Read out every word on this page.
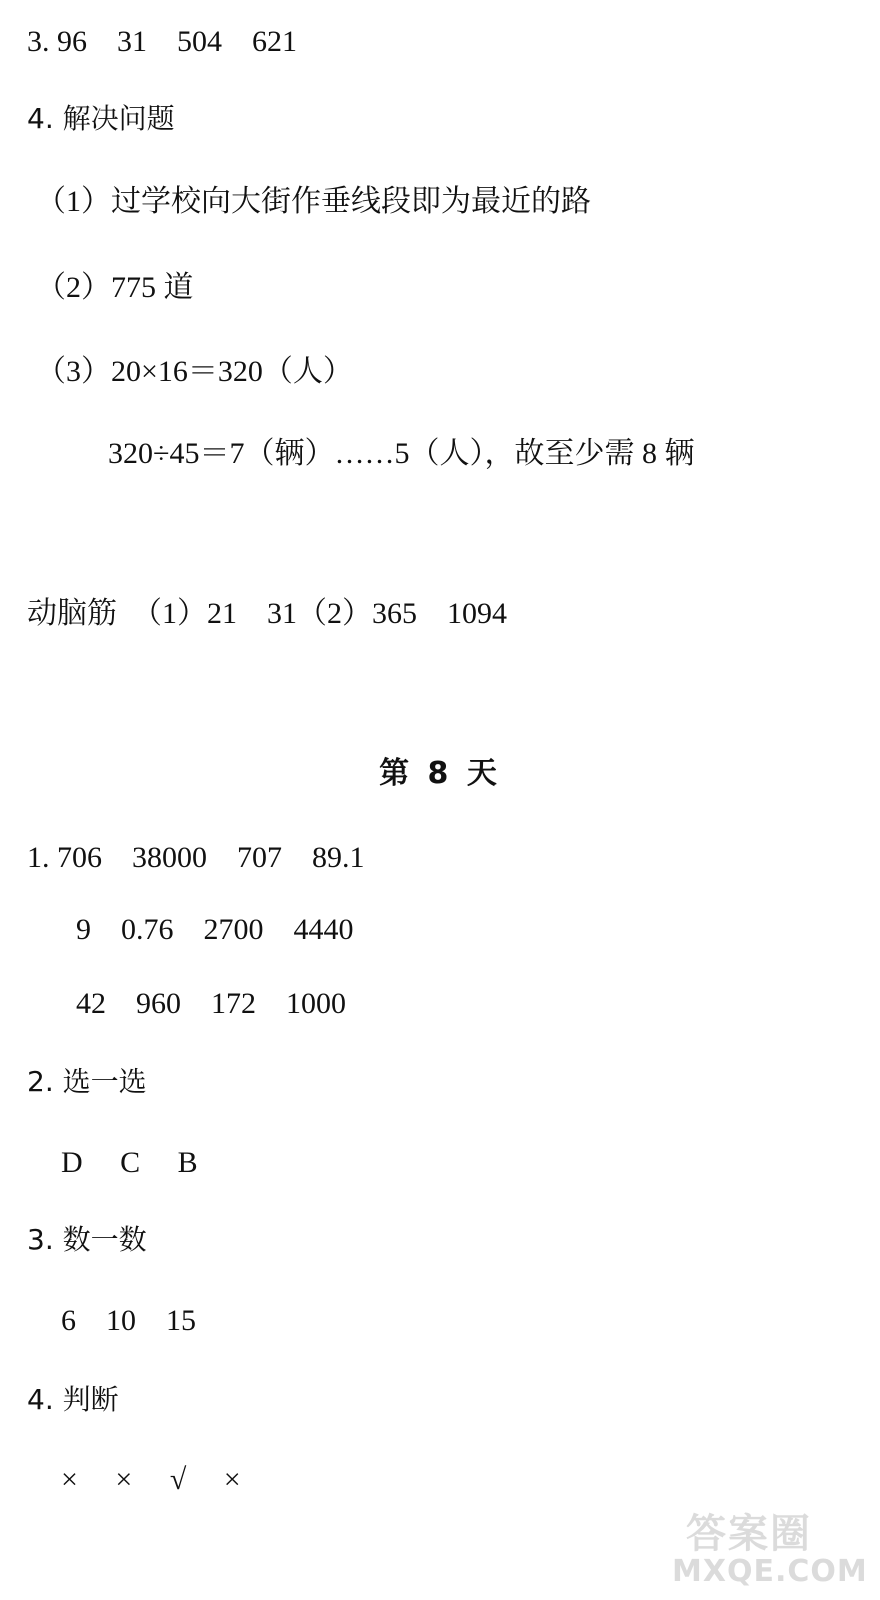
3. 96　31　504　621
4. 解决问题
（1）过学校向大街作垂线段即为最近的路
（2）775 道
（3）20×16＝320（人）
320÷45＝7（辆）……5（人），故至少需 8 辆
动脑筋　（1）21　31（2）365　1094
第 8 天
1. 706　38000　707　89.1
9　0.76　2700　4440
42　960　172　1000
2. 选一选
D　 C　 B
3. 数一数
6　10　15
4. 判断
×　 ×　 √　 ×
答案圈
MXQE.COM
